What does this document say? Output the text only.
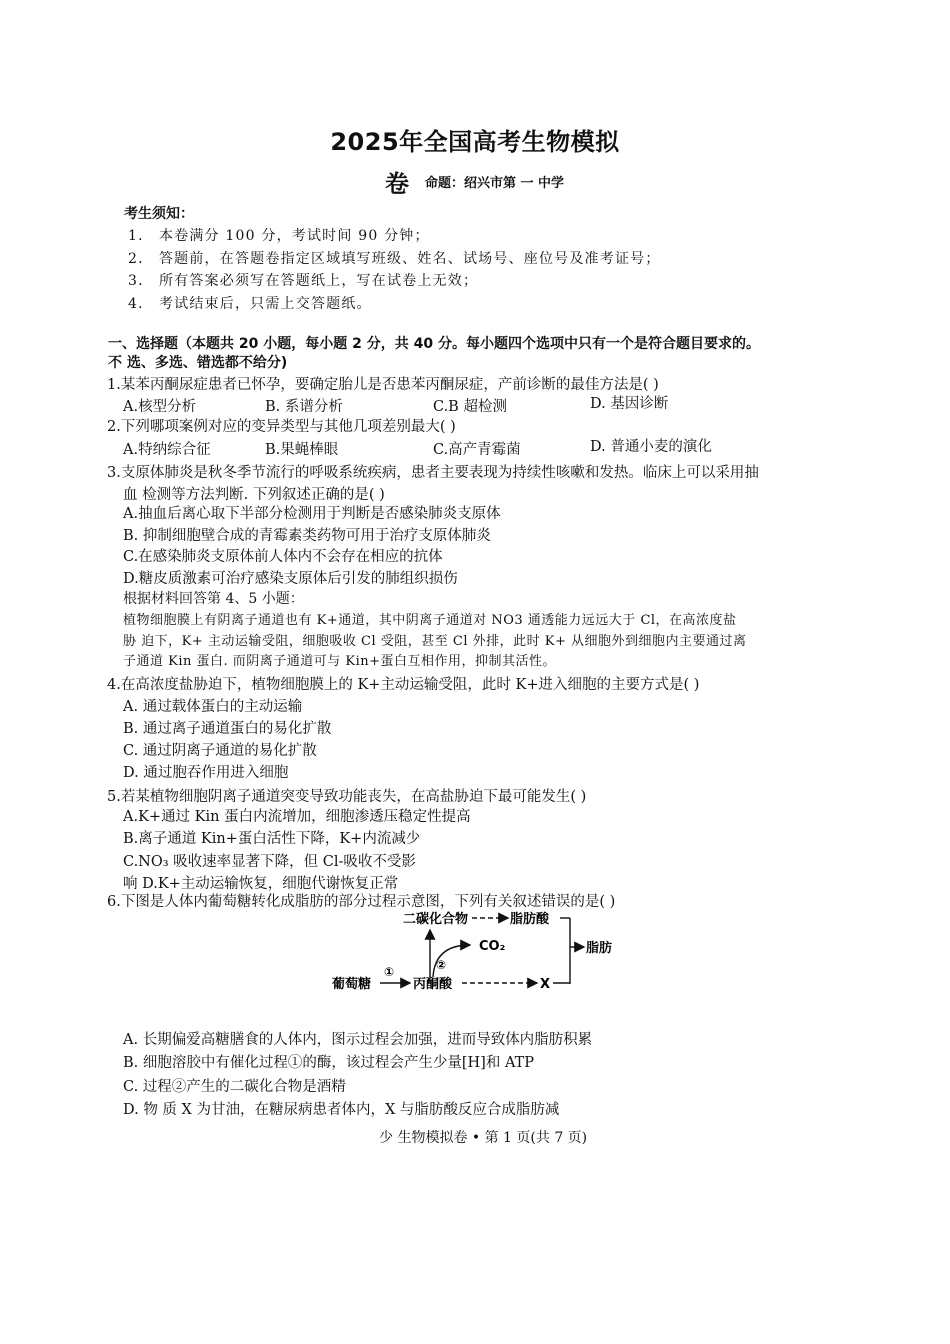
2025年全国高考生物模拟
卷 命题：绍兴市第 一 中学
考生须知：
1． 本卷满分 100 分，考试时间 90 分钟；
2． 答题前，在答题卷指定区域填写班级、姓名、试场号、座位号及准考证号；
3． 所有答案必须写在答题纸上，写在试卷上无效；
4． 考试结束后，只需上交答题纸。
一、选择题（本题共 20 小题，每小题 2 分，共 40 分。每小题四个选项中只有一个是符合题目要求的。
不 选、多选、错选都不给分)
1.某苯丙酮尿症患者已怀孕，要确定胎儿是否患苯丙酮尿症，产前诊断的最佳方法是( )
A.核型分析	B. 系谱分析	C.B 超检测	D. 基因诊断
2.下列哪项案例对应的变异类型与其他几项差别最大( )
A.特纳综合征	B.果蝇棒眼	C.高产青霉菌	D. 普通小麦的演化
3.支原体肺炎是秋冬季节流行的呼吸系统疾病，患者主要表现为持续性咳嗽和发热。临床上可以采用抽
血 检测等方法判断. 下列叙述正确的是( )
A.抽血后离心取下半部分检测用于判断是否感染肺炎支原体
B. 抑制细胞壁合成的青霉素类药物可用于治疗支原体肺炎
C.在感染肺炎支原体前人体内不会存在相应的抗体
D.糖皮质激素可治疗感染支原体后引发的肺组织损伤
根据材料回答第 4、5 小题：
植物细胞膜上有阴离子通道也有 K+通道，其中阴离子通道对 NO3 通透能力远远大于 Cl，在高浓度盐
胁 迫下，K+ 主动运输受阻，细胞吸收 Cl 受阻，甚至 Cl 外排，此时 K+ 从细胞外到细胞内主要通过离
子通道 Kin 蛋白. 而阴离子通道可与 Kin+蛋白互相作用，抑制其活性。
4.在高浓度盐胁迫下，植物细胞膜上的 K+主动运输受阻，此时 K+进入细胞的主要方式是( )
A. 通过载体蛋白的主动运输
B. 通过离子通道蛋白的易化扩散
C. 通过阴离子通道的易化扩散
D. 通过胞吞作用进入细胞
5.若某植物细胞阴离子通道突变导致功能丧失，在高盐胁迫下最可能发生( )
A.K+通过 Kin 蛋白内流增加，细胞渗透压稳定性提高
B.离子通道 Kin+蛋白活性下降，K+内流减少
C.NO₃ 吸收速率显著下降，但 Cl-吸收不受影
响 D.K+主动运输恢复，细胞代谢恢复正常
6.下图是人体内葡萄糖转化成脂肪的部分过程示意图，下列有关叙述错误的是( )
二碳化合物	脂肪酸
脂肪
CO₂
②
葡萄糖
①
丙酮酸	X
A. 长期偏爱高糖膳食的人体内，图示过程会加强，进而导致体内脂肪积累
B. 细胞溶胶中有催化过程①的酶，该过程会产生少量[H]和 ATP
C. 过程②产生的二碳化合物是酒精
D. 物 质 X 为甘油，在糖尿病患者体内，X 与脂肪酸反应合成脂肪减
少 生物模拟卷 • 第 1 页(共 7 页)
